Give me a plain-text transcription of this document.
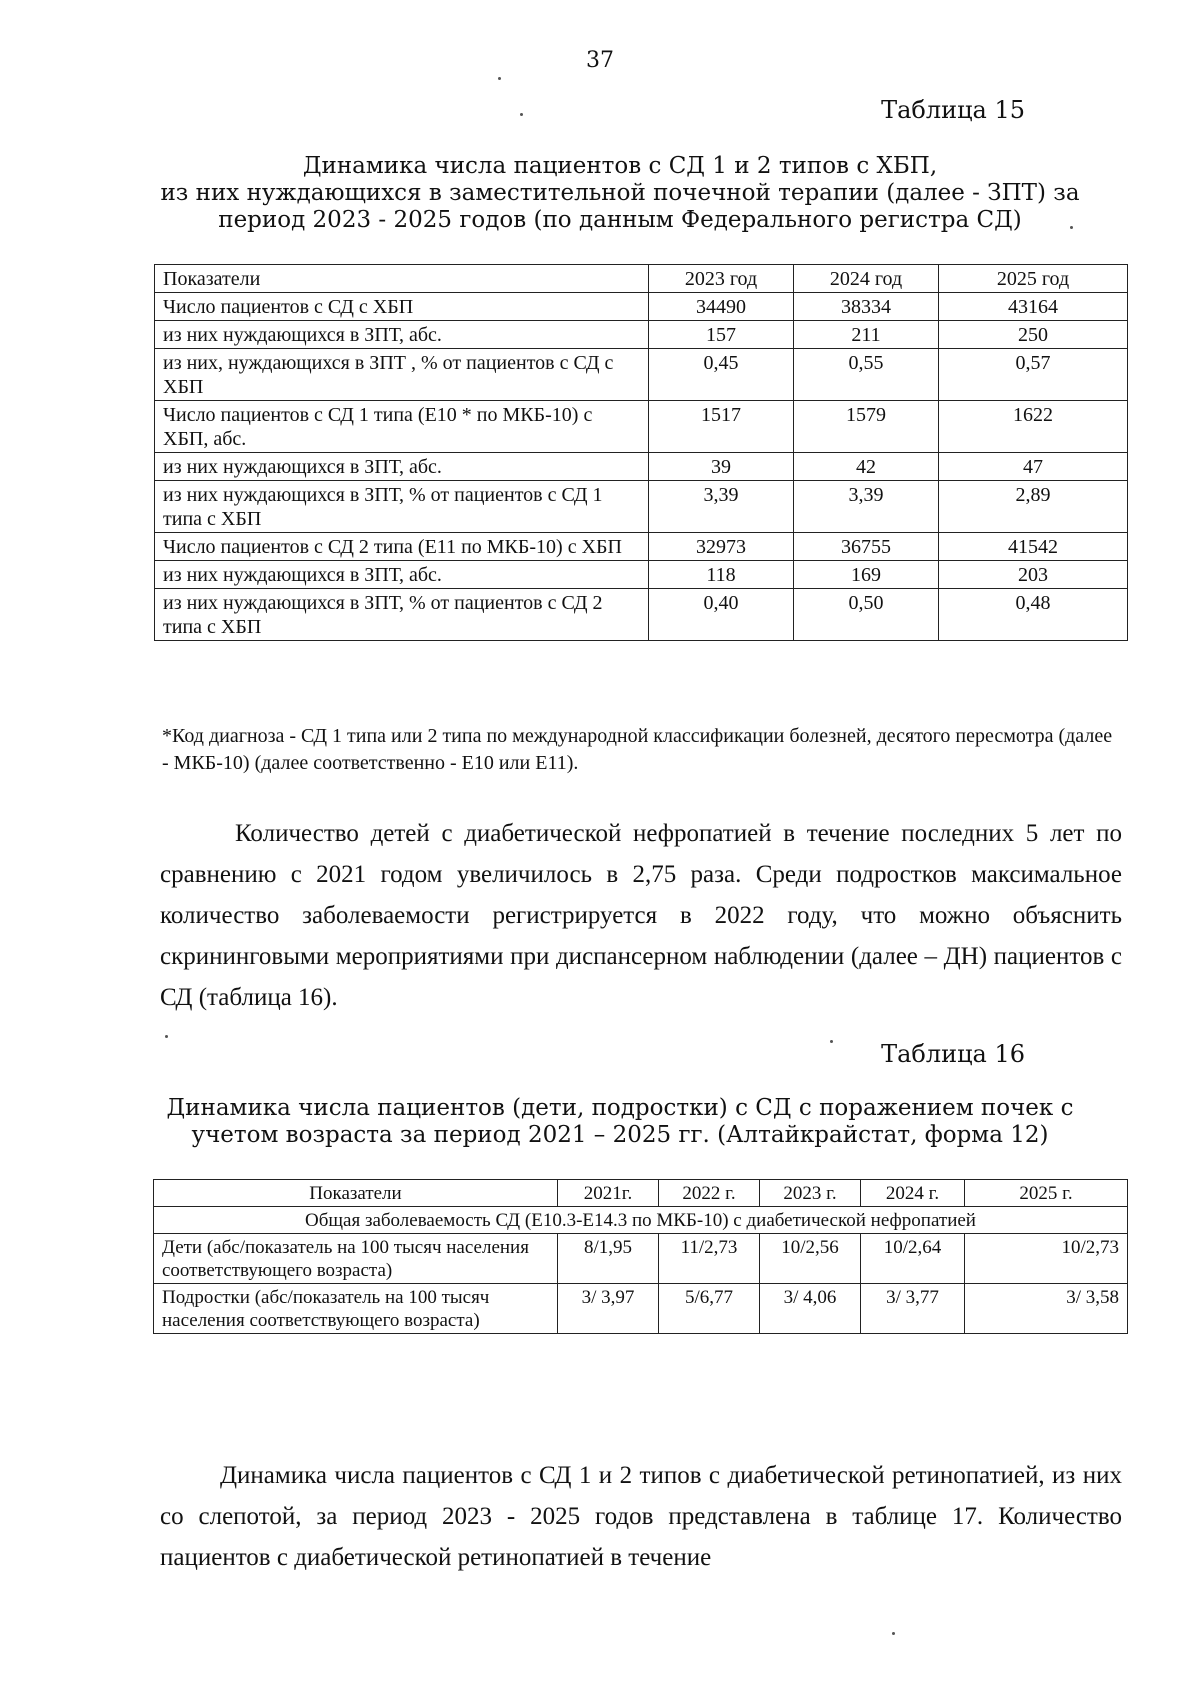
37
Таблица 15
Динамика числа пациентов с СД 1 и 2 типов с ХБП,
из них нуждающихся в заместительной почечной терапии (далее - ЗПТ) за
период 2023 - 2025 годов (по данным Федерального регистра СД)
Показатели	2023 год	2024 год	2025 год
Число пациентов с СД с ХБП	34490	38334	43164
из них нуждающихся в ЗПТ, абс.	157	211	250
из них, нуждающихся в ЗПТ , % от пациентов с СД с ХБП	0,45	0,55	0,57
Число пациентов с СД 1 типа (Е10 * по МКБ-10) с ХБП, абс.	1517	1579	1622
из них нуждающихся в ЗПТ, абс.	39	42	47
из них нуждающихся в ЗПТ, % от пациентов с СД 1 типа с ХБП	3,39	3,39	2,89
Число пациентов с СД 2 типа (Е11 по МКБ-10) с ХБП	32973	36755	41542
из них нуждающихся в ЗПТ, абс.	118	169	203
из них нуждающихся в ЗПТ, % от пациентов с СД 2 типа с ХБП	0,40	0,50	0,48
*Код диагноза - СД 1 типа или 2 типа по международной классификации болезней, десятого пересмотра (далее - МКБ-10) (далее соответственно - Е10 или Е11).
Количество детей с диабетической нефропатией в течение последних 5 лет по сравнению с 2021 годом увеличилось в 2,75 раза. Среди подростков максимальное количество заболеваемости регистрируется в 2022 году, что можно объяснить скрининговыми мероприятиями при диспансерном наблюдении (далее – ДН) пациентов с СД (таблица 16).
Таблица 16
Динамика числа пациентов (дети, подростки) с СД с поражением почек с
учетом возраста за период 2021 – 2025 гг. (Алтайкрайстат, форма 12)
Показатели	2021г.	2022 г.	2023 г.	2024 г.	2025 г.
Общая заболеваемость СД (Е10.3-Е14.3 по МКБ-10) с диабетической нефропатией					
Дети (абс/показатель на 100 тысяч населения соответствующего возраста)	8/1,95	11/2,73	10/2,56	10/2,64	10/2,73
Подростки (абс/показатель на 100 тысяч населения соответствующего возраста)	3/ 3,97	5/6,77	3/ 4,06	3/ 3,77	3/ 3,58
Динамика числа пациентов с СД 1 и 2 типов с диабетической ретинопатией, из них со слепотой, за период 2023 - 2025 годов представлена в таблице 17. Количество пациентов с диабетической ретинопатией в течение
